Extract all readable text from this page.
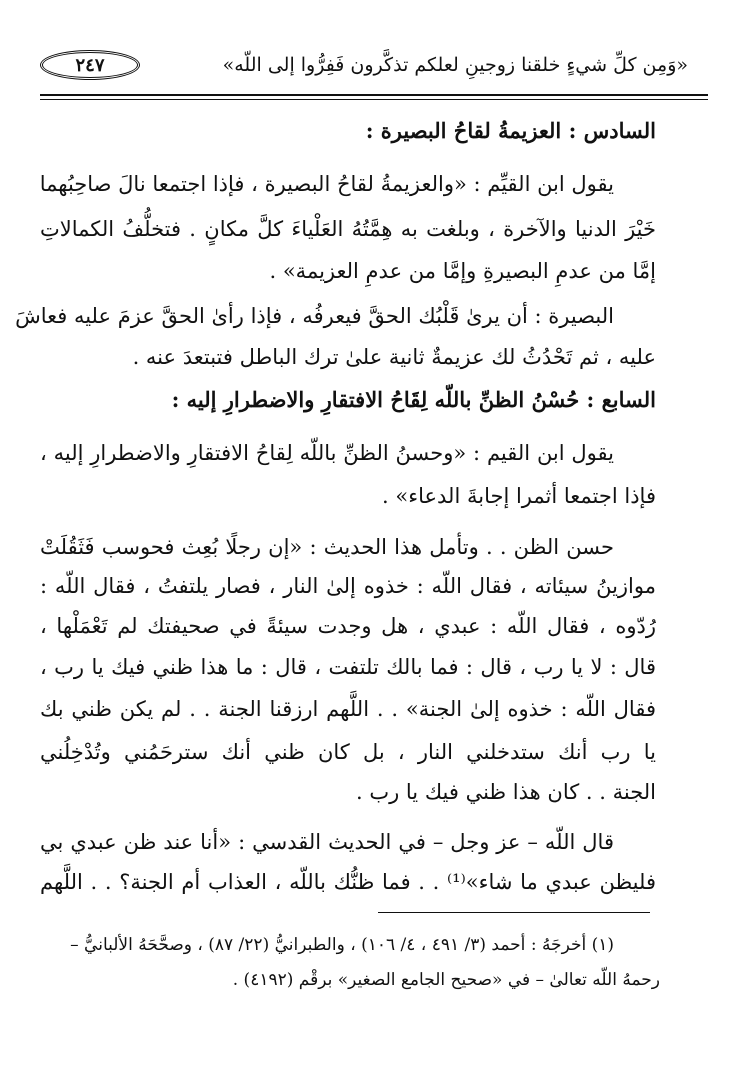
«وَمِن كلِّ شيءٍ خلقنا زوجينِ لعلكم تذكَّرون فَفِرُّوا إلى اللّه»
٢٤٧
السادس : العزيمةُ لقاحُ البصيرة :
يقول ابن القيِّم : «والعزيمةُ لقاحُ البصيرة ، فإذا اجتمعا نالَ صاحِبُهما
خَيْرَ الدنيا والآخرة ، وبلغت به هِمَّتُهُ العَلْياءَ كلَّ مكانٍ . فتخلُّفُ الكمالاتِ
إمَّا من عدمِ البصيرةِ وإمَّا من عدمِ العزيمة» .
البصيرة : أن يرىٰ قَلْبُك الحقَّ فيعرفُه ، فإذا رأىٰ الحقَّ عزمَ عليه فعاشَ
عليه ، ثم تَحْدُثُ لك عزيمةٌ ثانية علىٰ ترك الباطل فتبتعدَ عنه .
السابع : حُسْنُ الظنِّ باللّه لِقَاحُ الافتقارِ والاضطرارِ إليه :
يقول ابن القيم : «وحسنُ الظنِّ باللّه لِقاحُ الافتقارِ والاضطرارِ إليه ،
فإذا اجتمعا أثمرا إجابةَ الدعاء» .
حسن الظن . . وتأمل هذا الحديث : «إن رجلًا بُعِث فحوسب فَثَقُلَتْ
موازينُ سيئاته ، فقال اللّه : خذوه إلىٰ النار ، فصار يلتفتُ ، فقال اللّه :
رُدّوه ، فقال اللّه : عبدي ، هل وجدت سيئةً في صحيفتك لم تَعْمَلْها ،
قال : لا يا رب ، قال : فما بالك تلتفت ، قال : ما هذا ظني فيك يا رب ،
فقال اللّه : خذوه إلىٰ الجنة» . . اللَّهم ارزقنا الجنة . . لم يكن ظني بك
يا رب أنك ستدخلني النار ، بل كان ظني أنك سترحَمُني وتُدْخِلُني
الجنة . . كان هذا ظني فيك يا رب .
قال اللّه – عز وجل – في الحديث القدسي : «أنا عند ظن عبدي بي
فليظن عبدي ما شاء»⁽¹⁾ . . فما ظنُّك باللّه ، العذاب أم الجنة؟ . . اللَّهم
(١) أخرجَهُ : أحمد (٣/ ٤٩١ ، ٤/ ١٠٦) ، والطبرانيُّ (٢٢/ ٨٧) ، وصحَّحَهُ الألبانيُّ –
رحمهُ اللّه تعالىٰ – في «صحيح الجامع الصغير» برقْم (٤١٩٢) .
